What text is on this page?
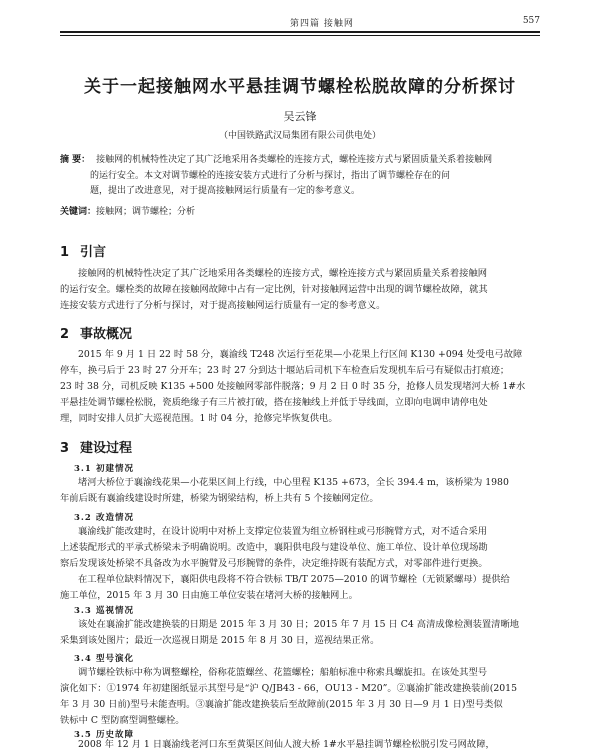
第四篇 接触网	557
关于一起接触网水平悬挂调节螺栓松脱故障的分析探讨
吴云锋
（中国铁路武汉局集团有限公司供电处）
摘 要： 接触网的机械特性决定了其广泛地采用各类螺栓的连接方式，螺栓连接方式与紧固质量关系着接触网
的运行安全。本文对调节螺栓的连接安装方式进行了分析与探讨，指出了调节螺栓存在的问
题，提出了改进意见，对于提高接触网运行质量有一定的参考意义。
关键词：接触网；调节螺栓；分析
1 引言
接触网的机械特性决定了其广泛地采用各类螺栓的连接方式，螺栓连接方式与紧固质量关系着接触网
的运行安全。螺栓类的故障在接触网故障中占有一定比例，针对接触网运营中出现的调节螺栓故障，就其
连接安装方式进行了分析与探讨，对于提高接触网运行质量有一定的参考意义。
2 事故概况
2015 年 9 月 1 日 22 时 58 分，襄渝线 T248 次运行至花果—小花果上行区间 K130 +094 处受电弓故障
停车，换弓后于 23 时 27 分开车；23 时 27 分到达十堰站后司机下车检查后发现机车后弓有疑似击打痕迹；
23 时 38 分，司机反映 K135 +500 处接触网零部件脱落；9 月 2 日 0 时 35 分，抢修人员发现堵河大桥 1#水
平悬挂处调节螺栓松脱，瓷质绝缘子有三片被打破，搭在接触线上并低于导线面，立即向电调申请停电处
理，同时安排人员扩大巡视范围。1 时 04 分，抢修完毕恢复供电。
3 建设过程
3.1 初建情况
堵河大桥位于襄渝线花果—小花果区间上行线，中心里程 K135 +673，全长 394.4 m，该桥梁为 1980
年前后既有襄渝线建设时所建，桥梁为钢梁结构，桥上共有 5 个接触网定位。
3.2 改造情况
襄渝线扩能改建时，在设计说明中对桥上支撑定位装置为组立桥钢柱或弓形腕臂方式，对不适合采用
上述装配形式的平承式桥梁未予明确说明。改造中，襄阳供电段与建设单位、施工单位、设计单位现场勘
察后发现该处桥梁不具备改为水平腕臂及弓形腕臂的条件，决定维持既有装配方式，对零部件进行更换。
在工程单位缺料情况下，襄阳供电段将不符合铁标 TB/T 2075—2010 的调节螺栓（无锁紧螺母）提供给
施工单位，2015 年 3 月 30 日由施工单位安装在堵河大桥的接触网上。
3.3 巡视情况
该处在襄渝扩能改建换装的日期是 2015 年 3 月 30 日；2015 年 7 月 15 日 C4 高清成像检测装置清晰地
采集到该处图片；最近一次巡视日期是 2015 年 8 月 30 日，巡视结果正常。
3.4 型号演化
调节螺栓铁标中称为调整螺栓，俗称花篮螺丝、花篮螺栓；船舶标准中称索具螺旋扣。在该处其型号
演化如下：①1974 年初建图纸显示其型号是“沪 Q/JB43 - 66，OU13 - M20”。②襄渝扩能改建换装前(2015
年 3 月 30 日前)型号未能查明。③襄渝扩能改建换装后至故障前(2015 年 3 月 30 日—9 月 1 日)型号类似
铁标中 C 型防腐型调整螺栓。
3.5 历史故障
2008 年 12 月 1 日襄渝线老河口东至黄渠区间仙人渡大桥 1#水平悬挂调节螺栓松脱引发弓网故障，
